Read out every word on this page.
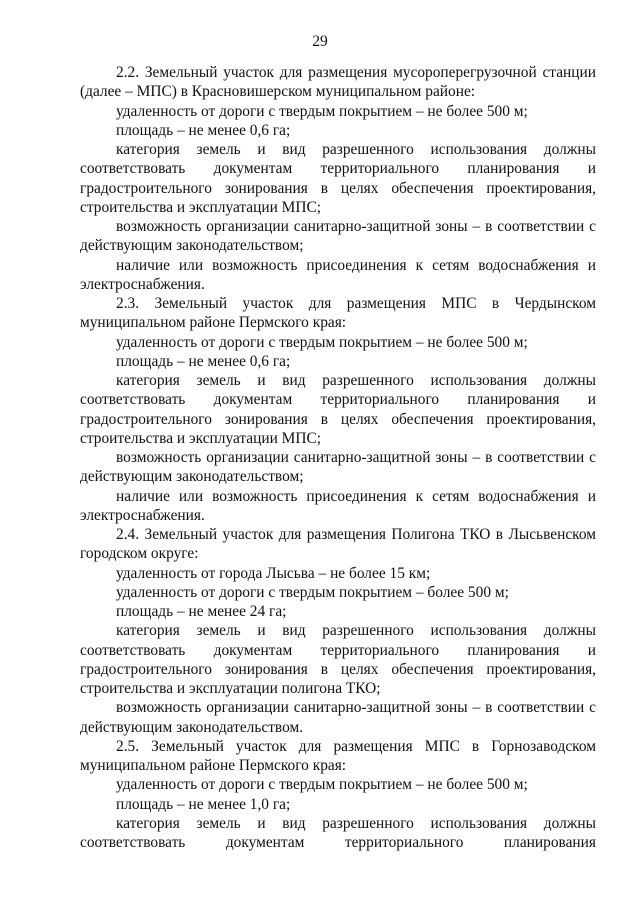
29

2.2. Земельный участок для размещения мусороперегрузочной станции (далее – МПС) в Красновишерском муниципальном районе:

удаленность от дороги с твердым покрытием – не более 500 м;

площадь – не менее 0,6 га;

категория земель и вид разрешенного использования должны соответствовать документам территориального планирования и градостроительного зонирования в целях обеспечения проектирования, строительства и эксплуатации МПС;

возможность организации санитарно-защитной зоны – в соответствии с действующим законодательством;

наличие или возможность присоединения к сетям водоснабжения и электроснабжения.

2.3. Земельный участок для размещения МПС в Чердынском муниципальном районе Пермского края:

удаленность от дороги с твердым покрытием – не более 500 м;

площадь – не менее 0,6 га;

категория земель и вид разрешенного использования должны соответствовать документам территориального планирования и градостроительного зонирования в целях обеспечения проектирования, строительства и эксплуатации МПС;

возможность организации санитарно-защитной зоны – в соответствии с действующим законодательством;

наличие или возможность присоединения к сетям водоснабжения и электроснабжения.

2.4. Земельный участок для размещения Полигона ТКО в Лысьвенском городском округе:

удаленность от города Лысьва – не более 15 км;

удаленность от дороги с твердым покрытием – более 500 м;

площадь – не менее 24 га;

категория земель и вид разрешенного использования должны соответствовать документам территориального планирования и градостроительного зонирования в целях обеспечения проектирования, строительства и эксплуатации полигона ТКО;

возможность организации санитарно-защитной зоны – в соответствии с действующим законодательством.

2.5. Земельный участок для размещения МПС в Горнозаводском муниципальном районе Пермского края:

удаленность от дороги с твердым покрытием – не более 500 м;

площадь – не менее 1,0 га;

категория земель и вид разрешенного использования должны соответствовать документам территориального планирования
